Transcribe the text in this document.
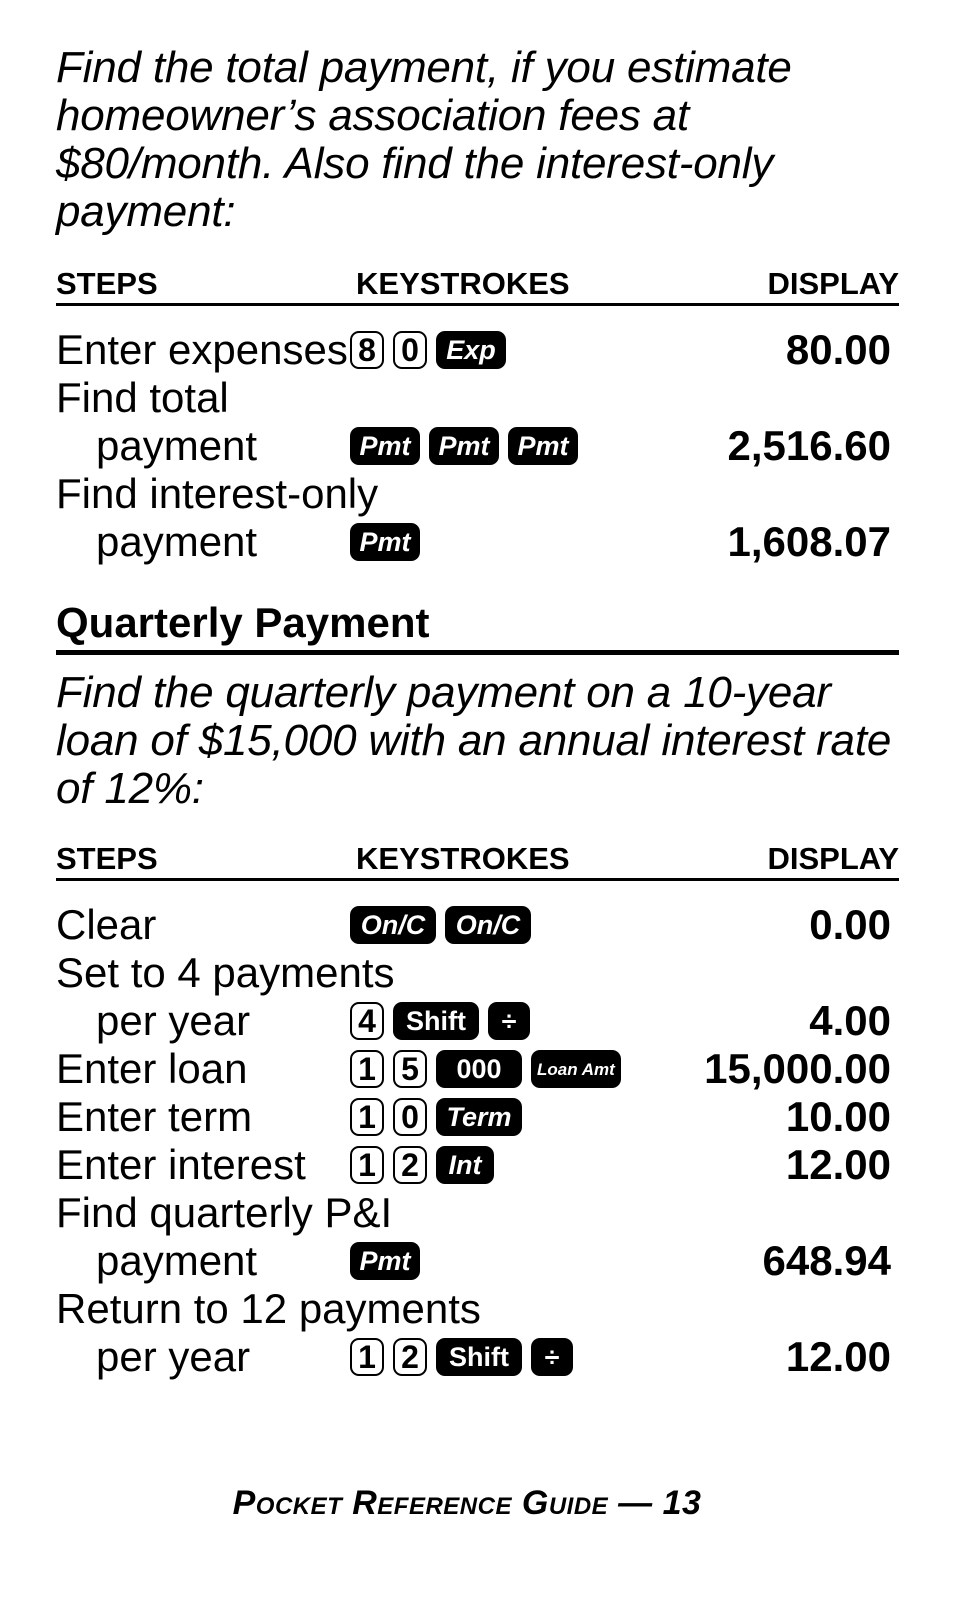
Find the total payment, if you estimate homeowner’s association fees at $80/month. Also find the interest-only payment:

STEPS	KEYSTROKES	DISPLAY
Enter expenses 8 0	Exp	80.00
Find total
payment	Pmt	Pmt	Pmt	2,516.60
Find interest-only
payment	Pmt	1,608.07
Quarterly Payment

Find the quarterly payment on a 10-year loan of $15,000 with an annual interest rate of 12%:

STEPS	KEYSTROKES	DISPLAY
Clear	On/C	On/C	0.00
Set to 4 payments
per year	4	Shift	÷	4.00
Enter loan	1 5	000	Loan Amt 15,000.00
Enter term	1 0	Term	10.00
Enter interest 1 2	Int	12.00
Find quarterly P&I
payment	Pmt	648.94
Return to 12 payments
per year	1 2	Shift	÷	12.00
Pocket Reference Guide — 13
